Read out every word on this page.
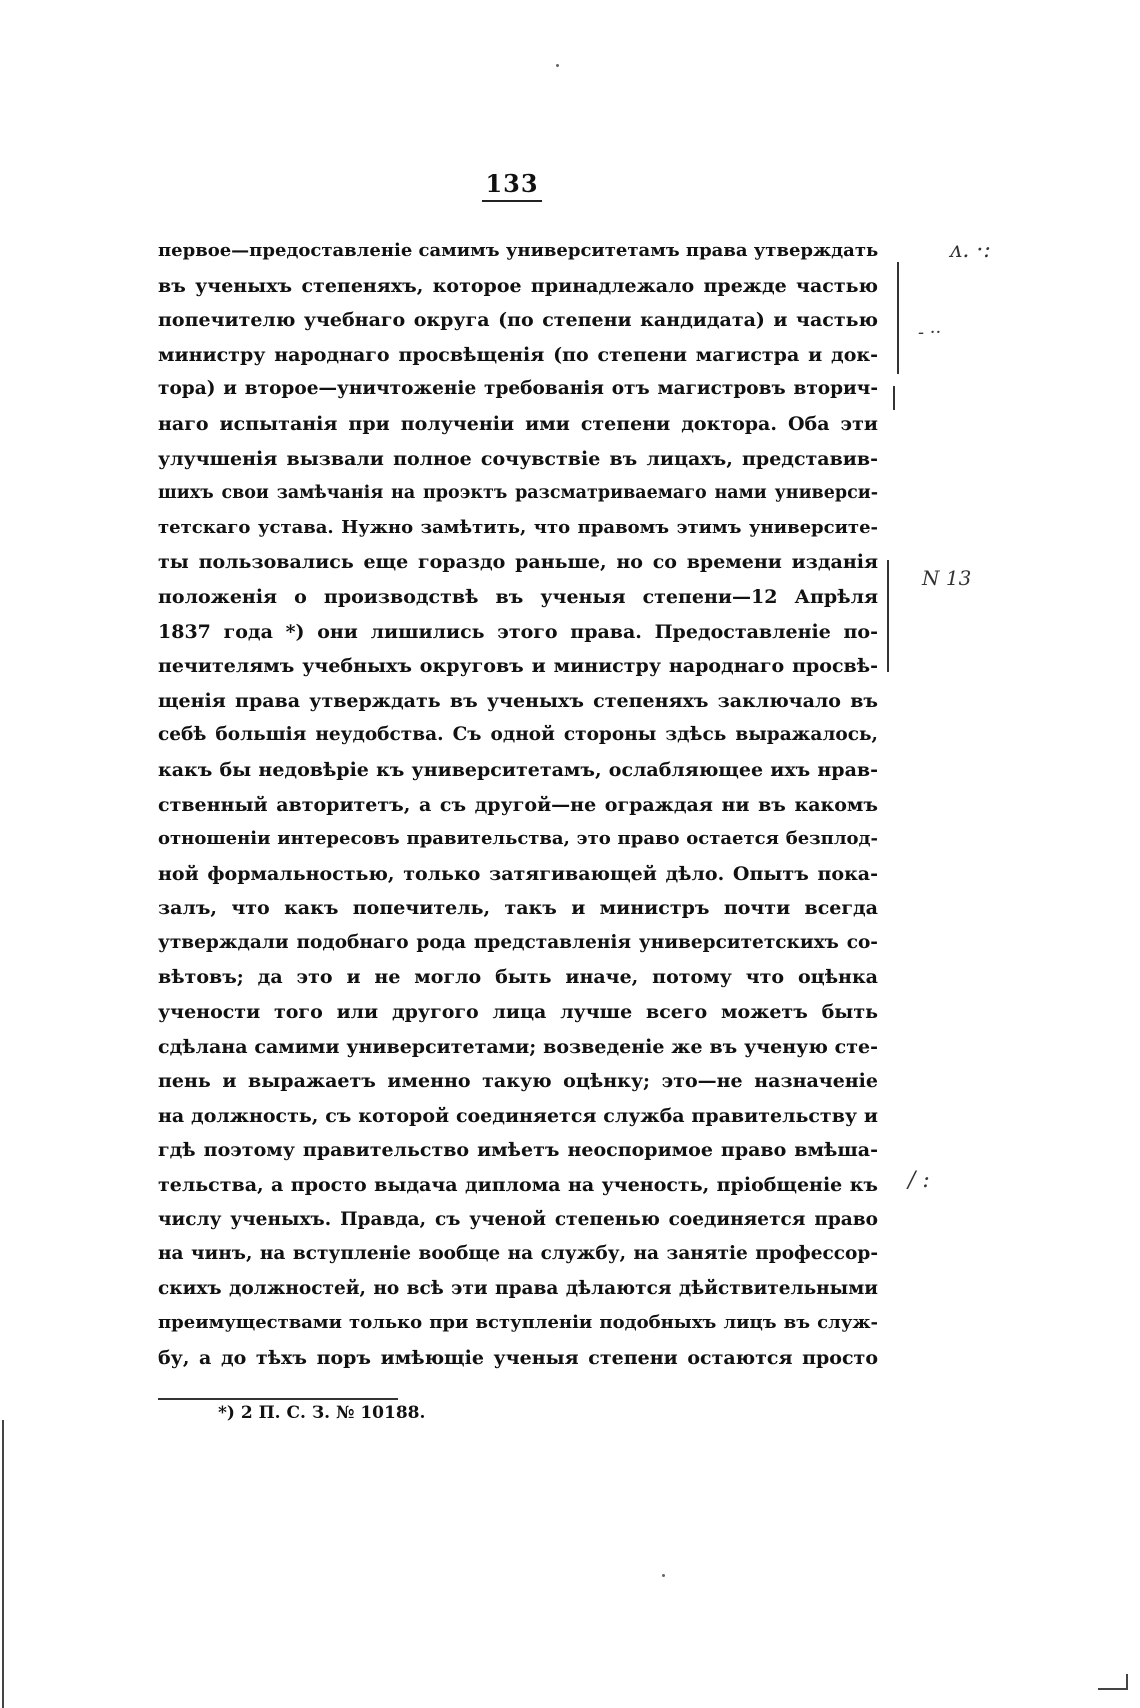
133
первое—предоставленіе самимъ университетамъ права утверждать
въ ученыхъ степеняхъ, которое принадлежало прежде частью
попечителю учебнаго округа (по степени кандидата) и частью
министру народнаго просвѣщенія (по степени магистра и док-
тора) и второе—уничтоженіе требованія отъ магистровъ вторич-
наго испытанія при полученіи ими степени доктора. Оба эти
улучшенія вызвали полное сочувствіе въ лицахъ, представив-
шихъ свои замѣчанія на проэктъ разсматриваемаго нами универси-
тетскаго устава. Нужно замѣтить, что правомъ этимъ университе-
ты пользовались еще гораздо раньше, но со времени изданія
положенія о производствѣ въ ученыя степени—12 Апрѣля
1837 года *) они лишились этого права. Предоставленіе по-
печителямъ учебныхъ округовъ и министру народнаго просвѣ-
щенія права утверждать въ ученыхъ степеняхъ заключало въ
себѣ большія неудобства. Съ одной стороны здѣсь выражалось,
какъ бы недовѣріе къ университетамъ, ослабляющее ихъ нрав-
ственный авторитетъ, а съ другой—не ограждая ни въ какомъ
отношеніи интересовъ правительства, это право остается безплод-
ной формальностью, только затягивающей дѣло. Опытъ пока-
залъ, что какъ попечитель, такъ и министръ почти всегда
утверждали подобнаго рода представленія университетскихъ со-
вѣтовъ; да это и не могло быть иначе, потому что оцѣнка
учености того или другого лица лучше всего можетъ быть
сдѣлана самими университетами; возведеніе же въ ученую сте-
пень и выражаетъ именно такую оцѣнку; это—не назначеніе
на должность, съ которой соединяется служба правительству и
гдѣ поэтому правительство имѣетъ неоспоримое право вмѣша-
тельства, а просто выдача диплома на ученость, пріобщеніе къ
числу ученыхъ. Правда, съ ученой степенью соединяется право
на чинъ, на вступленіе вообще на службу, на занятіе профессор-
скихъ должностей, но всѣ эти права дѣлаются дѣйствительными
преимуществами только при вступленіи подобныхъ лицъ въ служ-
бу, а до тѣхъ поръ имѣющіе ученыя степени остаются просто
*) 2 П. С. З. № 10188.
ᴧ. ·:
- ··
N 13
/ :
